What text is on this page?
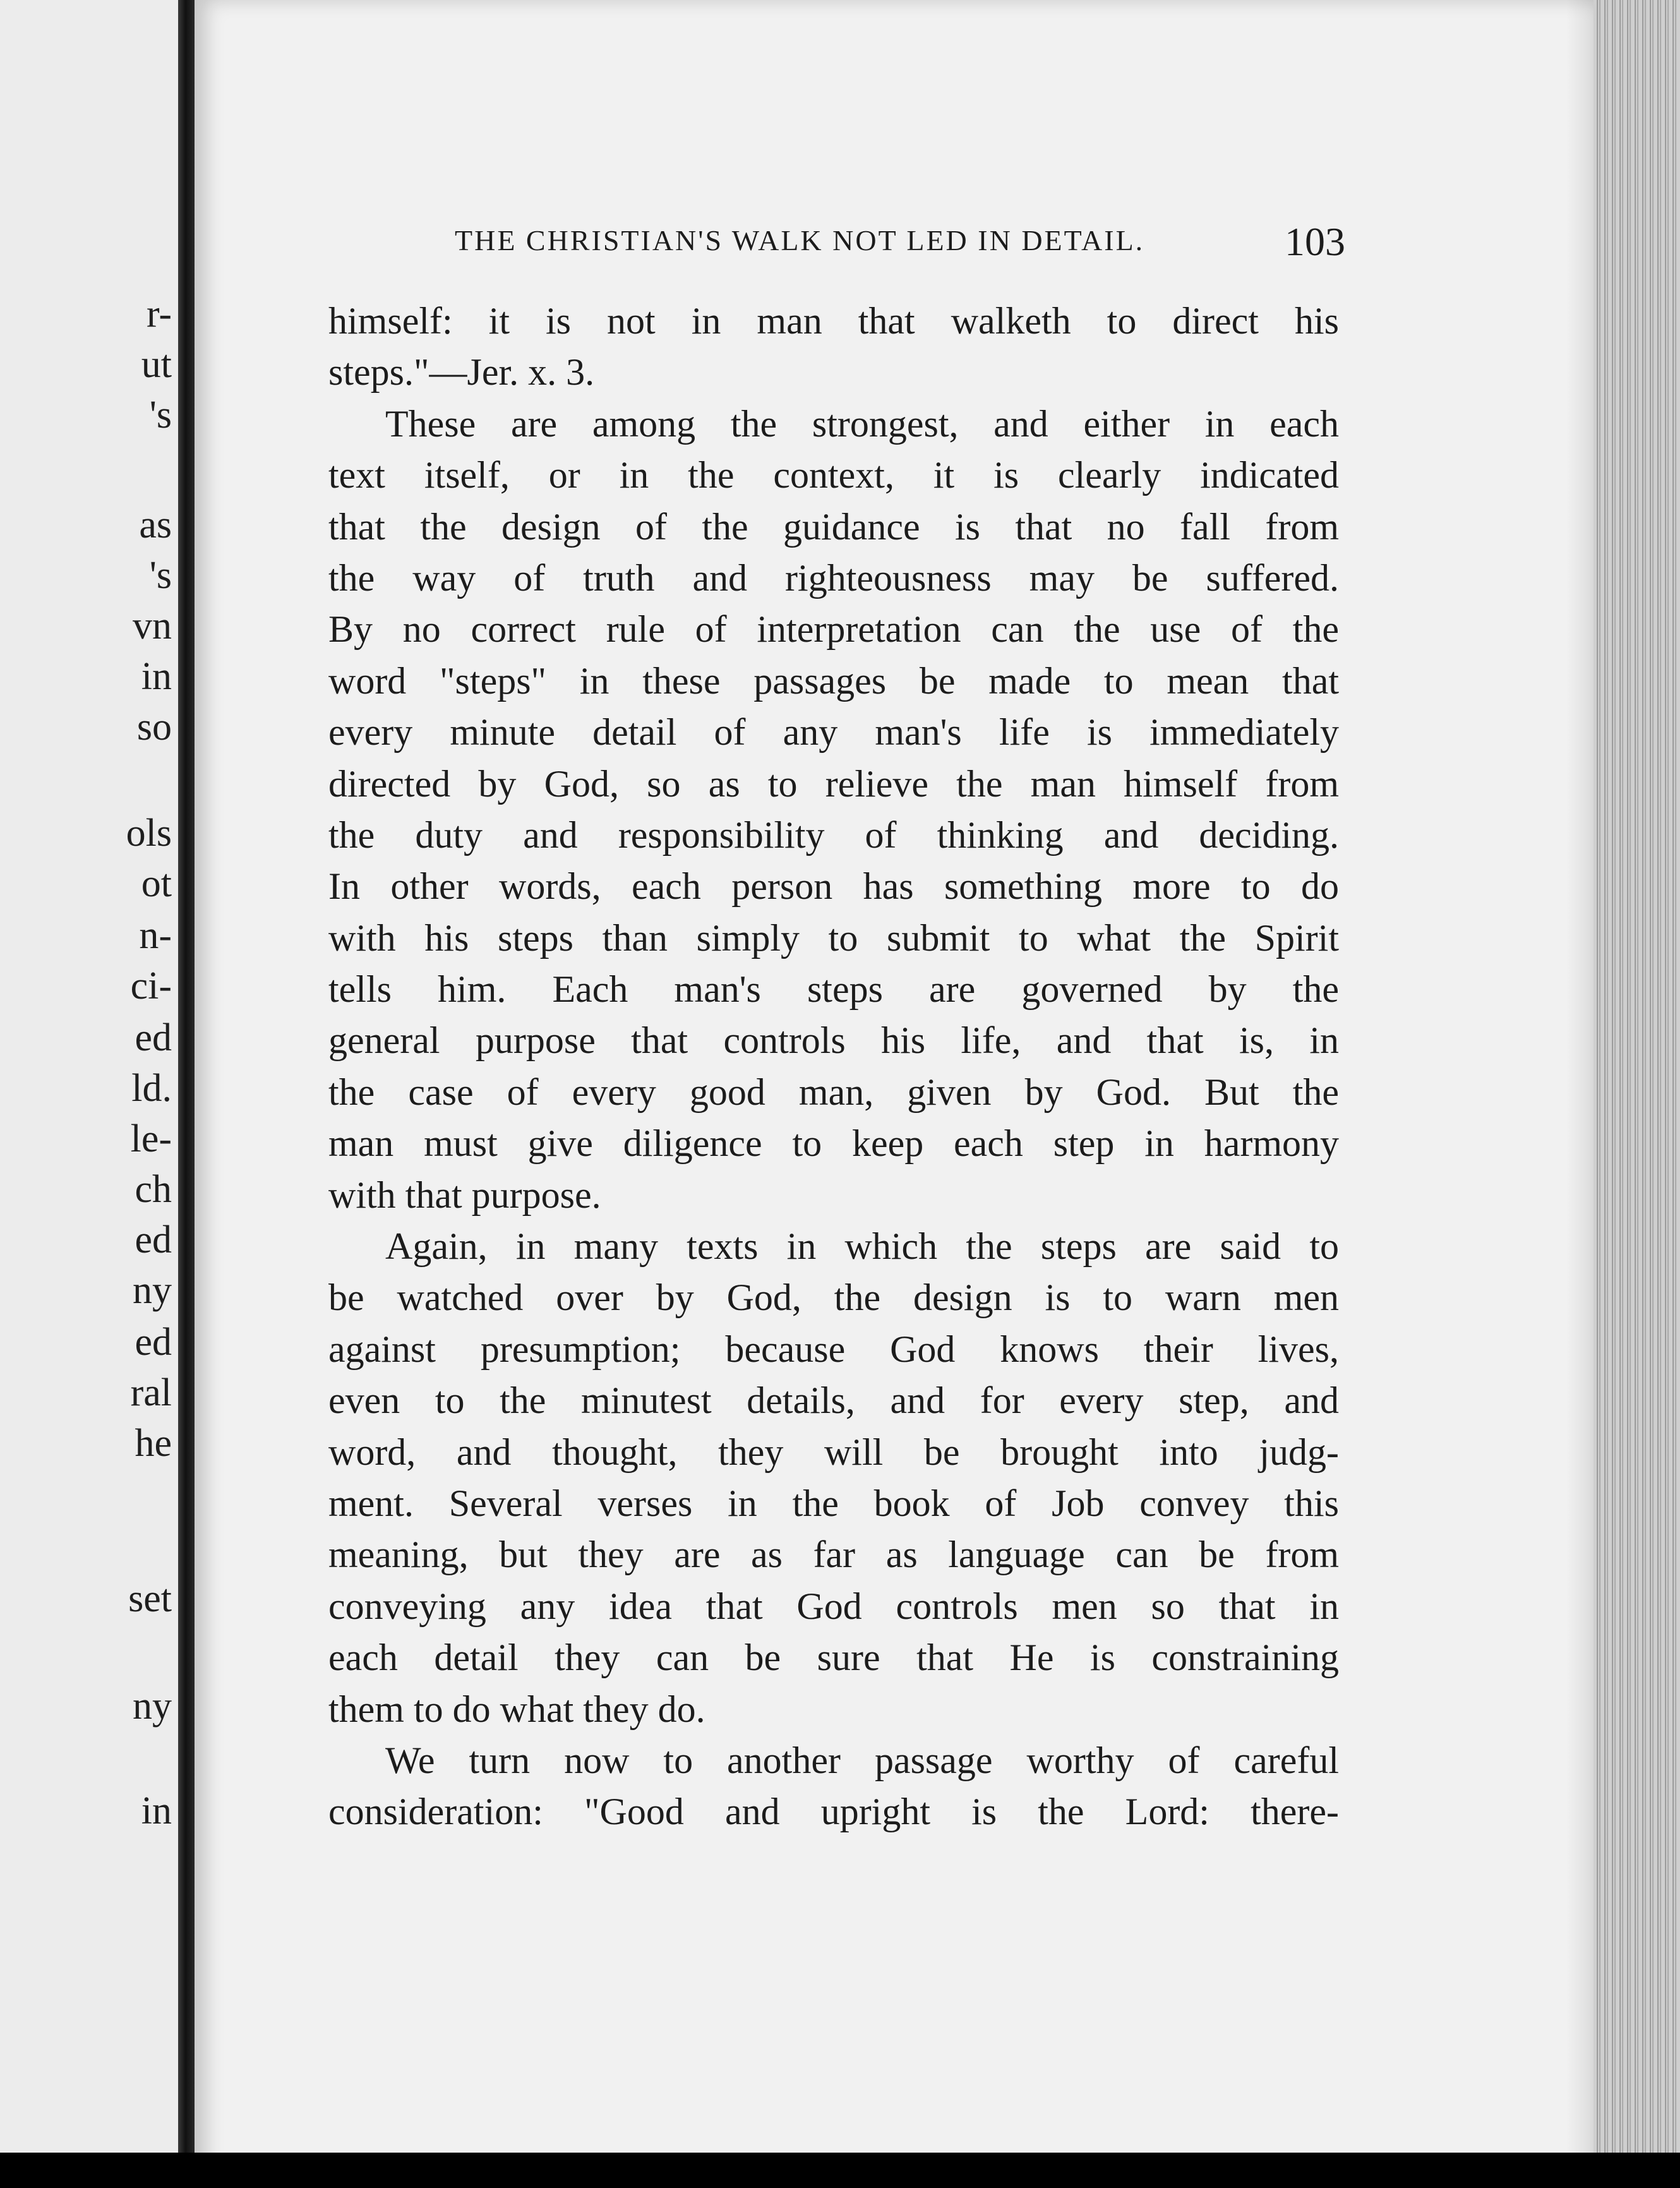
r-
ut
's
as
's
vn
in
so
ols
ot
n-
ci-
ed
ld.
le-
ch
ed
ny
ed
ral
he
set
ny
in
THE CHRISTIAN'S WALK NOT LED IN DETAIL.	103
himself: it is not in man that walketh to direct his
steps."—Jer. x. 3.
These are among the strongest, and either in each
text itself, or in the context, it is clearly indicated
that the design of the guidance is that no fall from
the way of truth and righteousness may be suffered.
By no correct rule of interpretation can the use of the
word "steps" in these passages be made to mean that
every minute detail of any man's life is immediately
directed by God, so as to relieve the man himself from
the duty and responsibility of thinking and deciding.
In other words, each person has something more to do
with his steps than simply to submit to what the Spirit
tells him. Each man's steps are governed by the
general purpose that controls his life, and that is, in
the case of every good man, given by God. But the
man must give diligence to keep each step in harmony
with that purpose.
Again, in many texts in which the steps are said to
be watched over by God, the design is to warn men
against presumption; because God knows their lives,
even to the minutest details, and for every step, and
word, and thought, they will be brought into judg-
ment. Several verses in the book of Job convey this
meaning, but they are as far as language can be from
conveying any idea that God controls men so that in
each detail they can be sure that He is constraining
them to do what they do.
We turn now to another passage worthy of careful
consideration: "Good and upright is the Lord: there-
